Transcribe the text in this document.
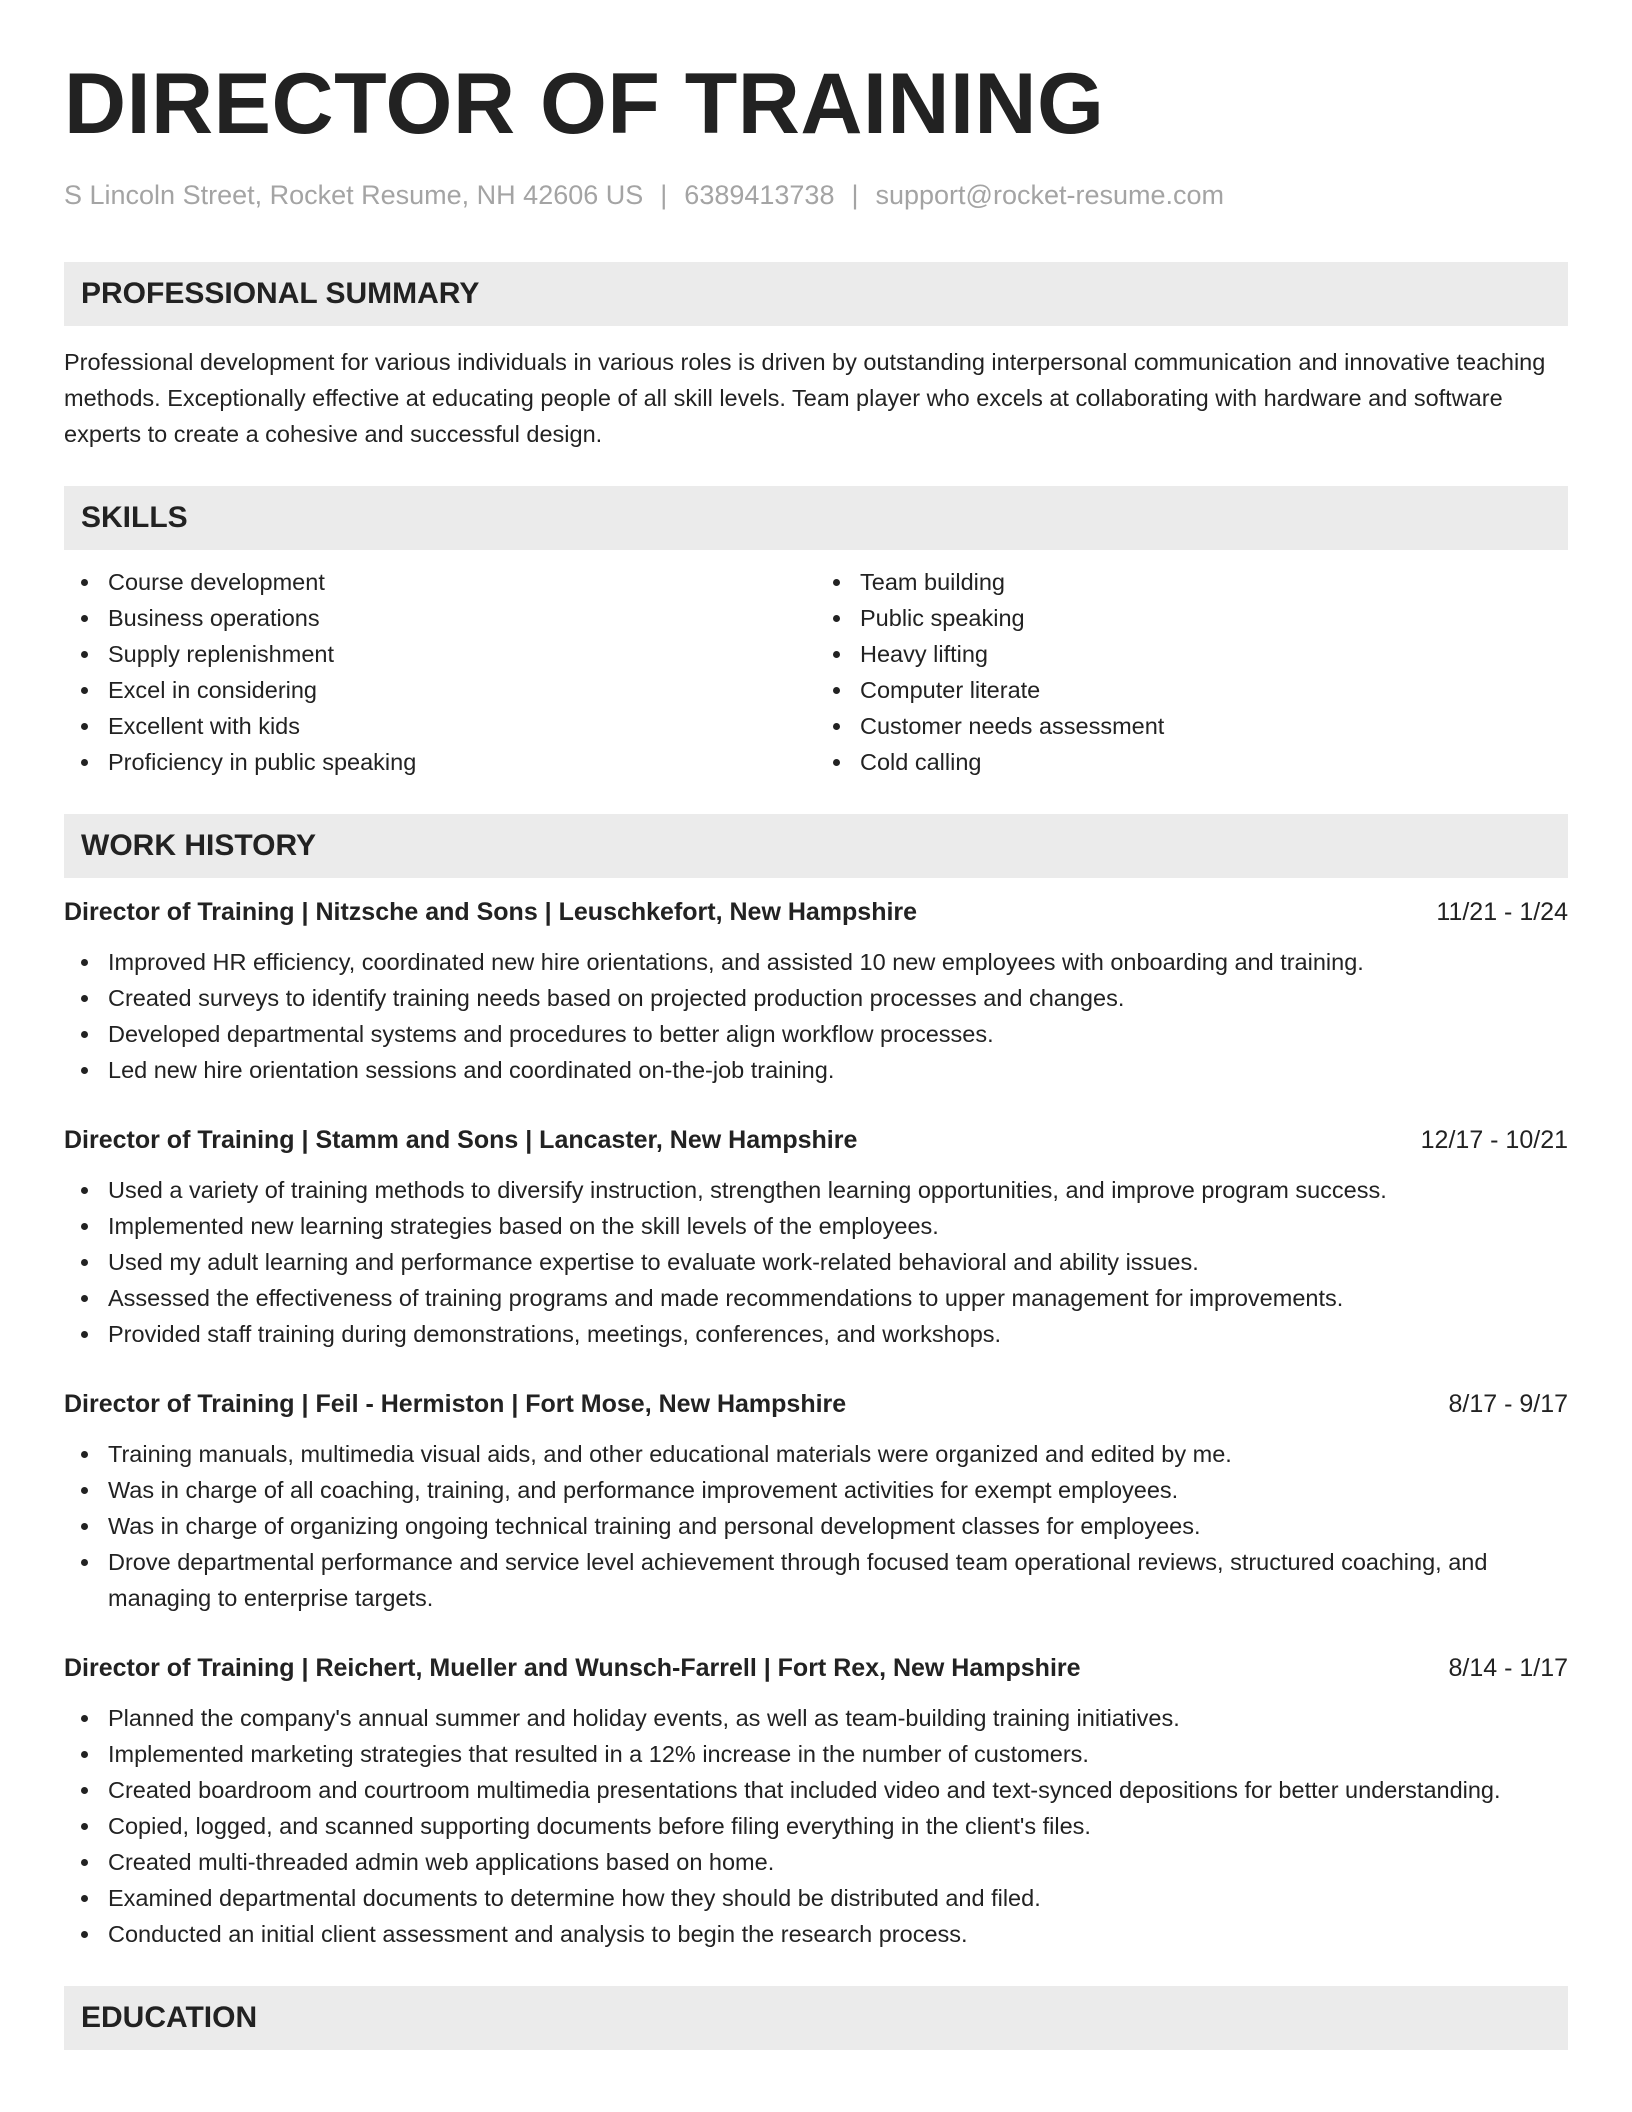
DIRECTOR OF TRAINING
S Lincoln Street, Rocket Resume, NH 42606 US | 6389413738 | support@rocket-resume.com
PROFESSIONAL SUMMARY

Professional development for various individuals in various roles is driven by outstanding interpersonal communication and innovative teaching methods. Exceptionally effective at educating people of all skill levels. Team player who excels at collaborating with hardware and software experts to create a cohesive and successful design.

SKILLS
Course development
Business operations
Supply replenishment
Excel in considering
Excellent with kids
Proficiency in public speaking
Team building
Public speaking
Heavy lifting
Computer literate
Customer needs assessment
Cold calling
WORK HISTORY
Director of Training | Nitzsche and Sons | Leuschkefort, New Hampshire	11/21 - 1/24
Improved HR efficiency, coordinated new hire orientations, and assisted 10 new employees with onboarding and training.
Created surveys to identify training needs based on projected production processes and changes.
Developed departmental systems and procedures to better align workflow processes.
Led new hire orientation sessions and coordinated on-the-job training.
Director of Training | Stamm and Sons | Lancaster, New Hampshire	12/17 - 10/21
Used a variety of training methods to diversify instruction, strengthen learning opportunities, and improve program success.
Implemented new learning strategies based on the skill levels of the employees.
Used my adult learning and performance expertise to evaluate work-related behavioral and ability issues.
Assessed the effectiveness of training programs and made recommendations to upper management for improvements.
Provided staff training during demonstrations, meetings, conferences, and workshops.
Director of Training | Feil - Hermiston | Fort Mose, New Hampshire	8/17 - 9/17
Training manuals, multimedia visual aids, and other educational materials were organized and edited by me.
Was in charge of all coaching, training, and performance improvement activities for exempt employees.
Was in charge of organizing ongoing technical training and personal development classes for employees.
Drove departmental performance and service level achievement through focused team operational reviews, structured coaching, and managing to enterprise targets.
Director of Training | Reichert, Mueller and Wunsch-Farrell | Fort Rex, New Hampshire	8/14 - 1/17
Planned the company's annual summer and holiday events, as well as team-building training initiatives.
Implemented marketing strategies that resulted in a 12% increase in the number of customers.
Created boardroom and courtroom multimedia presentations that included video and text-synced depositions for better understanding.
Copied, logged, and scanned supporting documents before filing everything in the client's files.
Created multi-threaded admin web applications based on home.
Examined departmental documents to determine how they should be distributed and filed.
Conducted an initial client assessment and analysis to begin the research process.
EDUCATION
